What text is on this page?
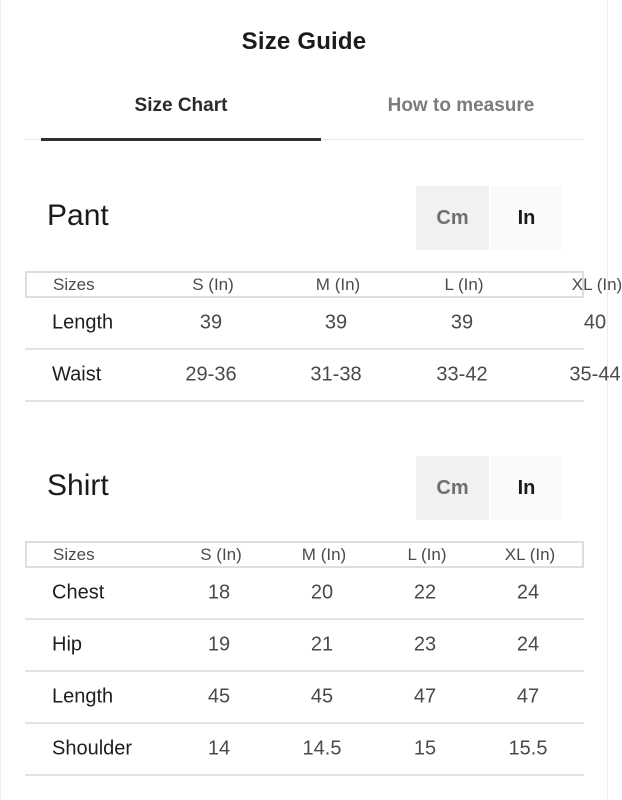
Size Guide
Size Chart	How to measure
Pant	Cm	In
Sizes	S (In)	M (In)	L (In)	XL (In)
Length	39	39	39	40
Waist	29-36	31-38	33-42	35-44
Shirt	Cm	In
Sizes	S (In)	M (In)	L (In)	XL (In)
Chest	18	20	22	24
Hip	19	21	23	24
Length	45	45	47	47
Shoulder	14	14.5	15	15.5
